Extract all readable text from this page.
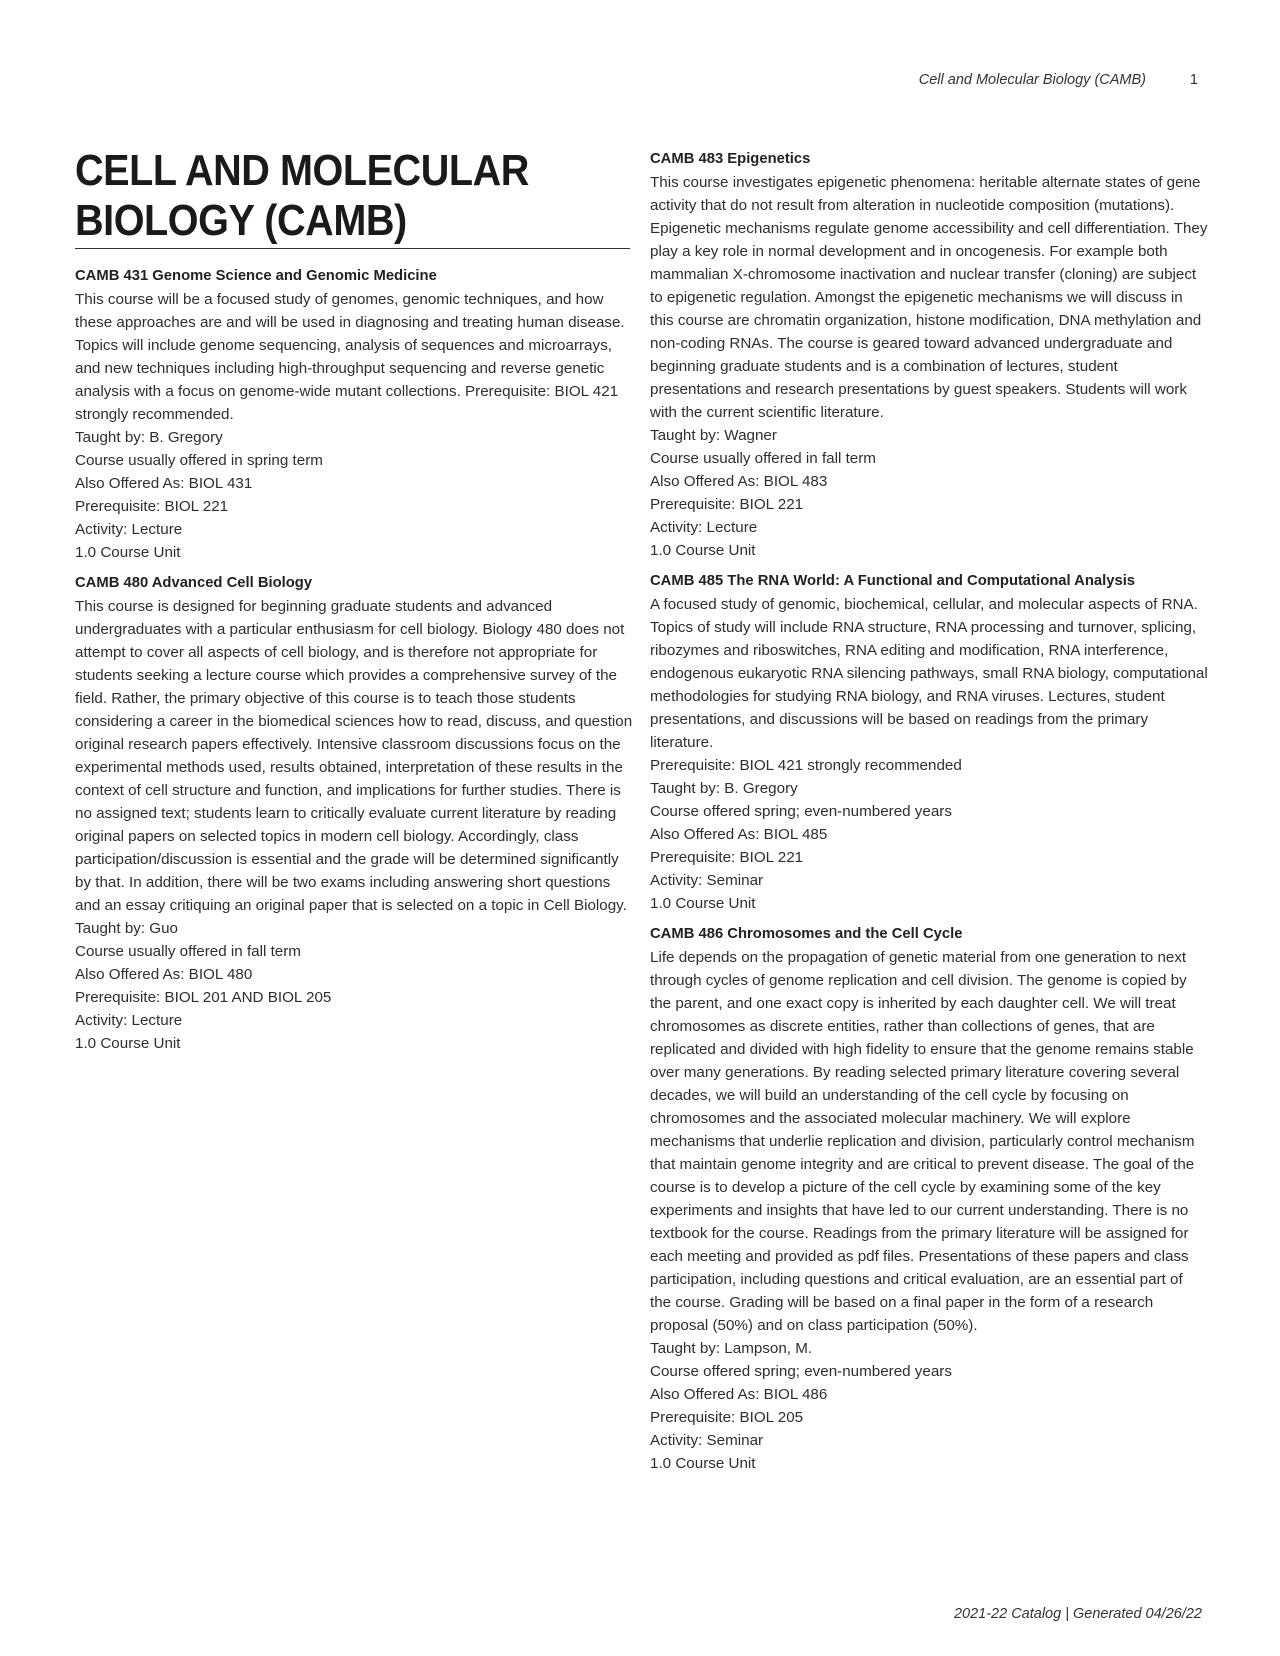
Cell and Molecular Biology (CAMB)	1
CELL AND MOLECULAR
BIOLOGY (CAMB)
CAMB 431 Genome Science and Genomic Medicine
This course will be a focused study of genomes, genomic techniques, and how these approaches are and will be used in diagnosing and treating human disease. Topics will include genome sequencing, analysis of sequences and microarrays, and new techniques including high-throughput sequencing and reverse genetic analysis with a focus on genome-wide mutant collections. Prerequisite: BIOL 421 strongly recommended.
Taught by: B. Gregory
Course usually offered in spring term
Also Offered As: BIOL 431
Prerequisite: BIOL 221
Activity: Lecture
1.0 Course Unit
CAMB 480 Advanced Cell Biology
This course is designed for beginning graduate students and advanced undergraduates with a particular enthusiasm for cell biology. Biology 480 does not attempt to cover all aspects of cell biology, and is therefore not appropriate for students seeking a lecture course which provides a comprehensive survey of the field. Rather, the primary objective of this course is to teach those students considering a career in the biomedical sciences how to read, discuss, and question original research papers effectively. Intensive classroom discussions focus on the experimental methods used, results obtained, interpretation of these results in the context of cell structure and function, and implications for further studies. There is no assigned text; students learn to critically evaluate current literature by reading original papers on selected topics in modern cell biology. Accordingly, class participation/discussion is essential and the grade will be determined significantly by that. In addition, there will be two exams including answering short questions and an essay critiquing an original paper that is selected on a topic in Cell Biology.
Taught by: Guo
Course usually offered in fall term
Also Offered As: BIOL 480
Prerequisite: BIOL 201 AND BIOL 205
Activity: Lecture
1.0 Course Unit
CAMB 483 Epigenetics
This course investigates epigenetic phenomena: heritable alternate states of gene activity that do not result from alteration in nucleotide composition (mutations). Epigenetic mechanisms regulate genome accessibility and cell differentiation. They play a key role in normal development and in oncogenesis. For example both mammalian X-chromosome inactivation and nuclear transfer (cloning) are subject to epigenetic regulation. Amongst the epigenetic mechanisms we will discuss in this course are chromatin organization, histone modification, DNA methylation and non-coding RNAs. The course is geared toward advanced undergraduate and beginning graduate students and is a combination of lectures, student presentations and research presentations by guest speakers. Students will work with the current scientific literature.
Taught by: Wagner
Course usually offered in fall term
Also Offered As: BIOL 483
Prerequisite: BIOL 221
Activity: Lecture
1.0 Course Unit
CAMB 485 The RNA World: A Functional and Computational Analysis
A focused study of genomic, biochemical, cellular, and molecular aspects of RNA. Topics of study will include RNA structure, RNA processing and turnover, splicing, ribozymes and riboswitches, RNA editing and modification, RNA interference, endogenous eukaryotic RNA silencing pathways, small RNA biology, computational methodologies for studying RNA biology, and RNA viruses. Lectures, student presentations, and discussions will be based on readings from the primary literature.
Prerequisite: BIOL 421 strongly recommended
Taught by: B. Gregory
Course offered spring; even-numbered years
Also Offered As: BIOL 485
Prerequisite: BIOL 221
Activity: Seminar
1.0 Course Unit
CAMB 486 Chromosomes and the Cell Cycle
Life depends on the propagation of genetic material from one generation to next through cycles of genome replication and cell division. The genome is copied by the parent, and one exact copy is inherited by each daughter cell. We will treat chromosomes as discrete entities, rather than collections of genes, that are replicated and divided with high fidelity to ensure that the genome remains stable over many generations. By reading selected primary literature covering several decades, we will build an understanding of the cell cycle by focusing on chromosomes and the associated molecular machinery. We will explore mechanisms that underlie replication and division, particularly control mechanism that maintain genome integrity and are critical to prevent disease. The goal of the course is to develop a picture of the cell cycle by examining some of the key experiments and insights that have led to our current understanding. There is no textbook for the course. Readings from the primary literature will be assigned for each meeting and provided as pdf files. Presentations of these papers and class participation, including questions and critical evaluation, are an essential part of the course. Grading will be based on a final paper in the form of a research proposal (50%) and on class participation (50%).
Taught by: Lampson, M.
Course offered spring; even-numbered years
Also Offered As: BIOL 486
Prerequisite: BIOL 205
Activity: Seminar
1.0 Course Unit
2021-22 Catalog | Generated 04/26/22
